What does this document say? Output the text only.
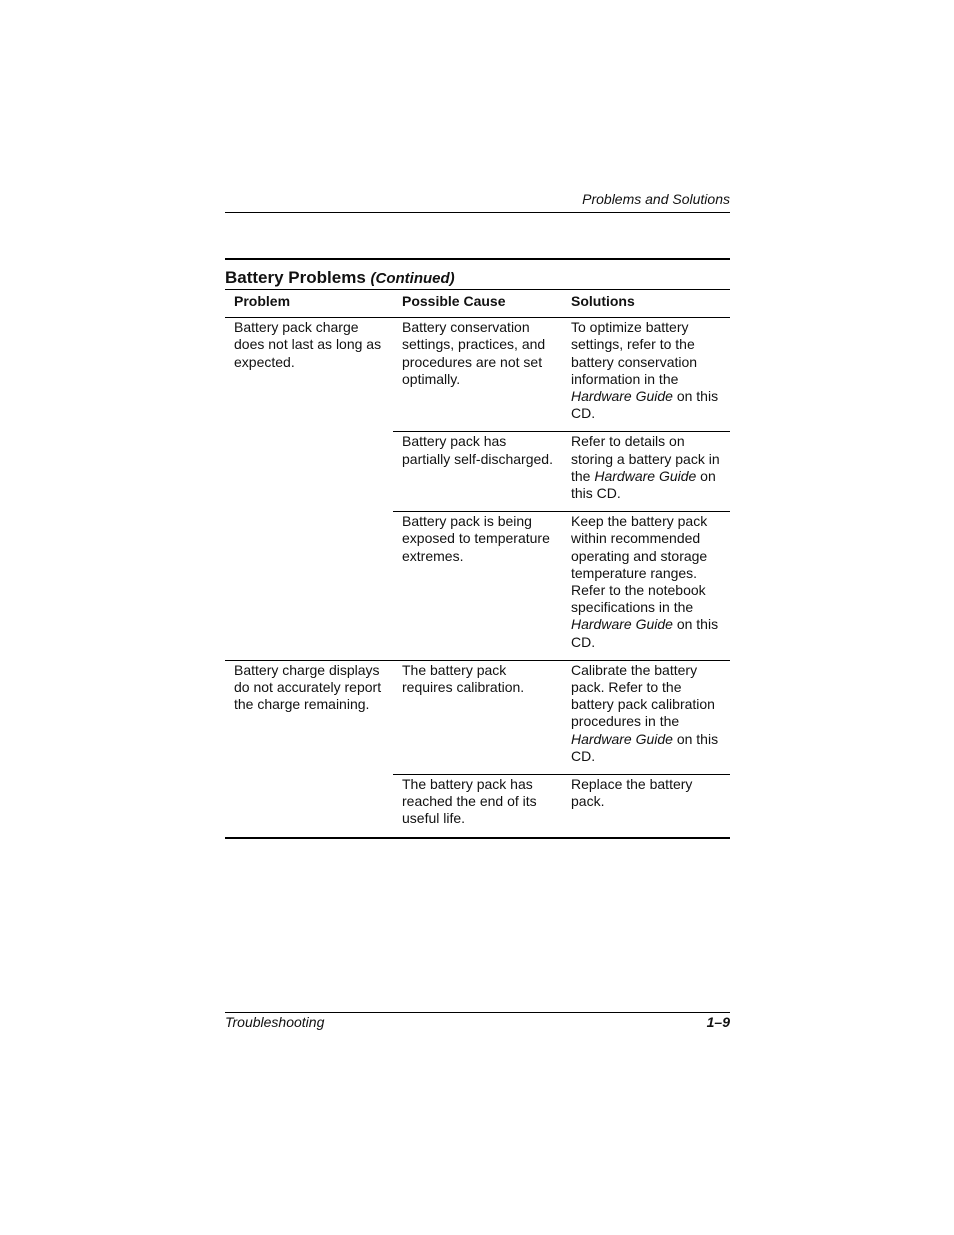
Problems and Solutions
Battery Problems (Continued)
Problem	Possible Cause	Solutions
Battery pack charge does not last as long as expected.	Battery conservation settings, practices, and procedures are not set optimally.	To optimize battery settings, refer to the battery conservation information in the Hardware Guide on this CD.
	Battery pack has partially self-discharged.	Refer to details on storing a battery pack in the Hardware Guide on this CD.
	Battery pack is being exposed to temperature extremes.	Keep the battery pack within recommended operating and storage temperature ranges. Refer to the notebook specifications in the Hardware Guide on this CD.
Battery charge displays do not accurately report the charge remaining.	The battery pack requires calibration.	Calibrate the battery pack. Refer to the battery pack calibration procedures in the Hardware Guide on this CD.
	The battery pack has reached the end of its useful life.	Replace the battery pack.
Troubleshooting	1–9
